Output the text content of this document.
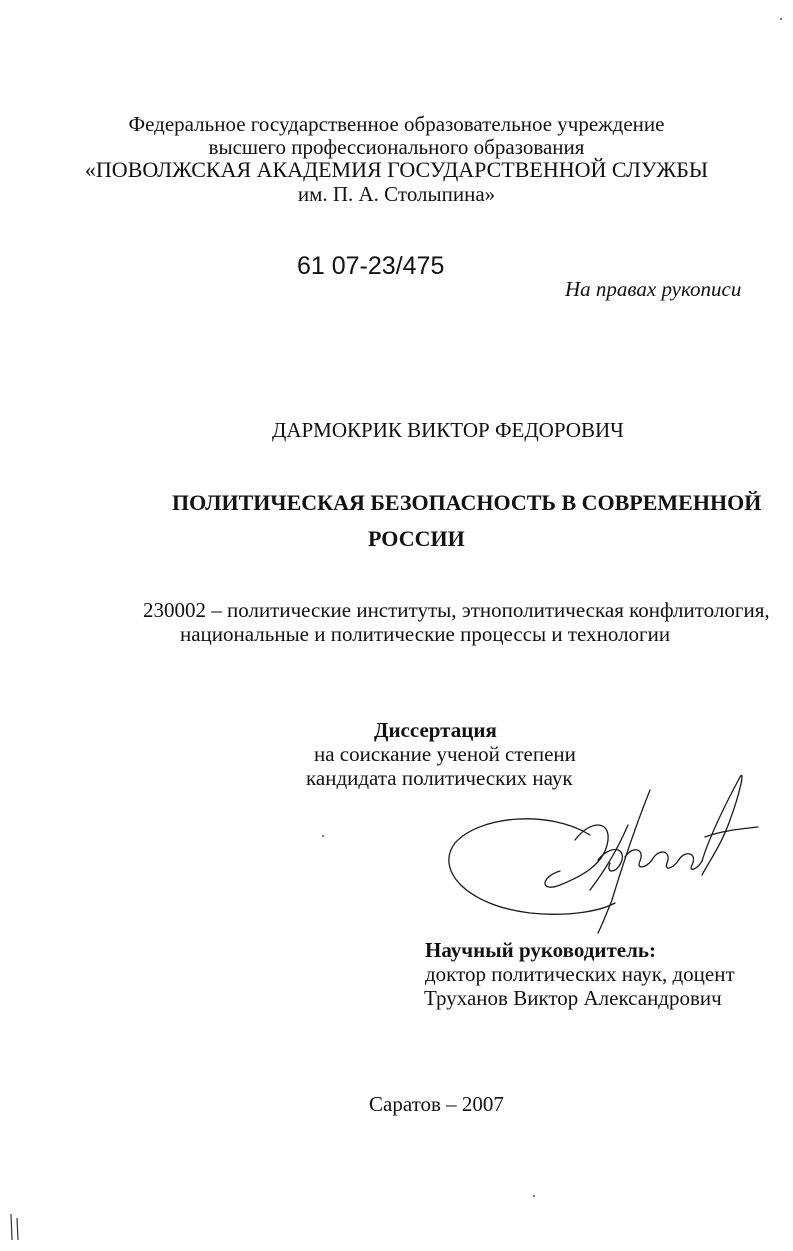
Федеральное государственное образовательное учреждение
высшего профессионального образования
«ПОВОЛЖСКАЯ АКАДЕМИЯ ГОСУДАРСТВЕННОЙ СЛУЖБЫ
им. П. А. Столыпина»
61 07-23/475
На правах рукописи
ДАРМОКРИК ВИКТОР ФЕДОРОВИЧ
ПОЛИТИЧЕСКАЯ БЕЗОПАСНОСТЬ В СОВРЕМЕННОЙ
РОССИИ
230002 – политические институты, этнополитическая конфлитология,
национальные и политические процессы и технологии
Диссертация
на соискание ученой степени
кандидата политических наук
Научный руководитель:
доктор политических наук, доцент
Труханов Виктор Александрович
Саратов – 2007
